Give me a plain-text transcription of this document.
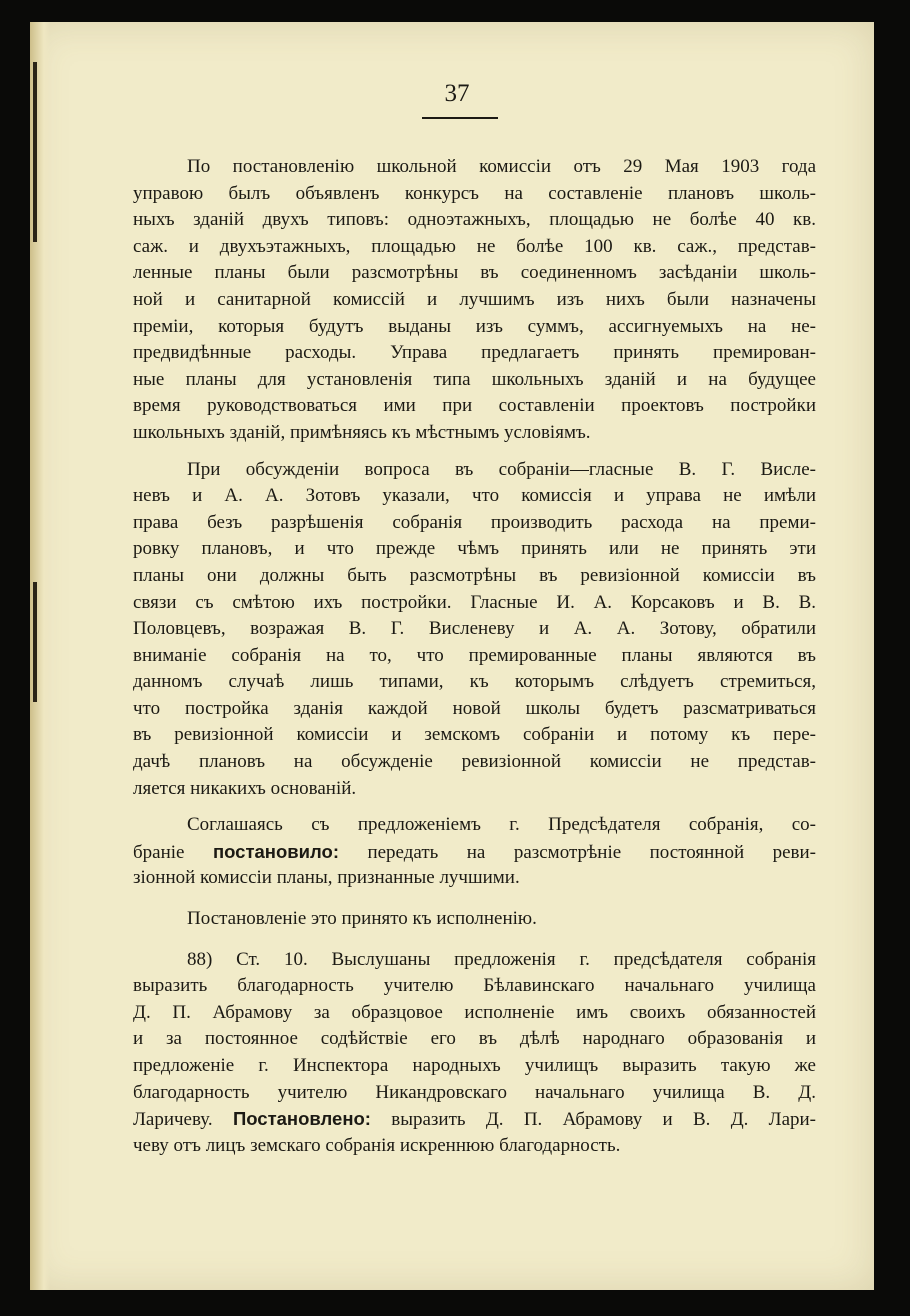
37

По постановленію школьной комиссіи отъ 29 Мая 1903 года
управою былъ объявленъ конкурсъ на составленіе плановъ школь-
ныхъ зданій двухъ типовъ: одноэтажныхъ, площадью не болѣе 40 кв.
саж. и двухъэтажныхъ, площадью не болѣе 100 кв. саж., представ-
ленные планы были разсмотрѣны въ соединенномъ засѣданіи школь-
ной и санитарной комиссій и лучшимъ изъ нихъ были назначены
преміи, которыя будутъ выданы изъ суммъ, ассигнуемыхъ на не-
предвидѣнные расходы. Управа предлагаетъ принять премирован-
ные планы для установленія типа школьныхъ зданій и на будущее
время руководствоваться ими при составленіи проектовъ постройки
школьныхъ зданій, примѣняясь къ мѣстнымъ условіямъ.
При обсужденіи вопроса въ собраніи—гласные В. Г. Висле-
невъ и А. А. Зотовъ указали, что комиссія и управа не имѣли
права безъ разрѣшенія собранія производить расхода на преми-
ровку плановъ, и что прежде чѣмъ принять или не принять эти
планы они должны быть разсмотрѣны въ ревизіонной комиссіи въ
связи съ смѣтою ихъ постройки. Гласные И. А. Корсаковъ и В. В.
Половцевъ, возражая В. Г. Висленеву и А. А. Зотову, обратили
вниманіе собранія на то, что премированные планы являются въ
данномъ случаѣ лишь типами, къ которымъ слѣдуетъ стремиться,
что постройка зданія каждой новой школы будетъ разсматриваться
въ ревизіонной комиссіи и земскомъ собраніи и потому къ пере-
дачѣ плановъ на обсужденіе ревизіонной комиссіи не представ-
ляется никакихъ основаній.
Соглашаясь съ предложеніемъ г. Предсѣдателя собранія, со-
браніе постановило: передать на разсмотрѣніе постоянной реви-
зіонной комиссіи планы, признанные лучшими.
Постановленіе это принято къ исполненію.
88) Ст. 10. Выслушаны предложенія г. предсѣдателя собранія
выразить благодарность учителю Бѣлавинскаго начальнаго училища
Д. П. Абрамову за образцовое исполненіе имъ своихъ обязанностей
и за постоянное содѣйствіе его въ дѣлѣ народнаго образованія и
предложеніе г. Инспектора народныхъ училищъ выразить такую же
благодарность учителю Никандровскаго начальнаго училища В. Д.
Ларичеву. Постановлено: выразить Д. П. Абрамову и В. Д. Лари-
чеву отъ лицъ земскаго собранія искреннюю благодарность.
